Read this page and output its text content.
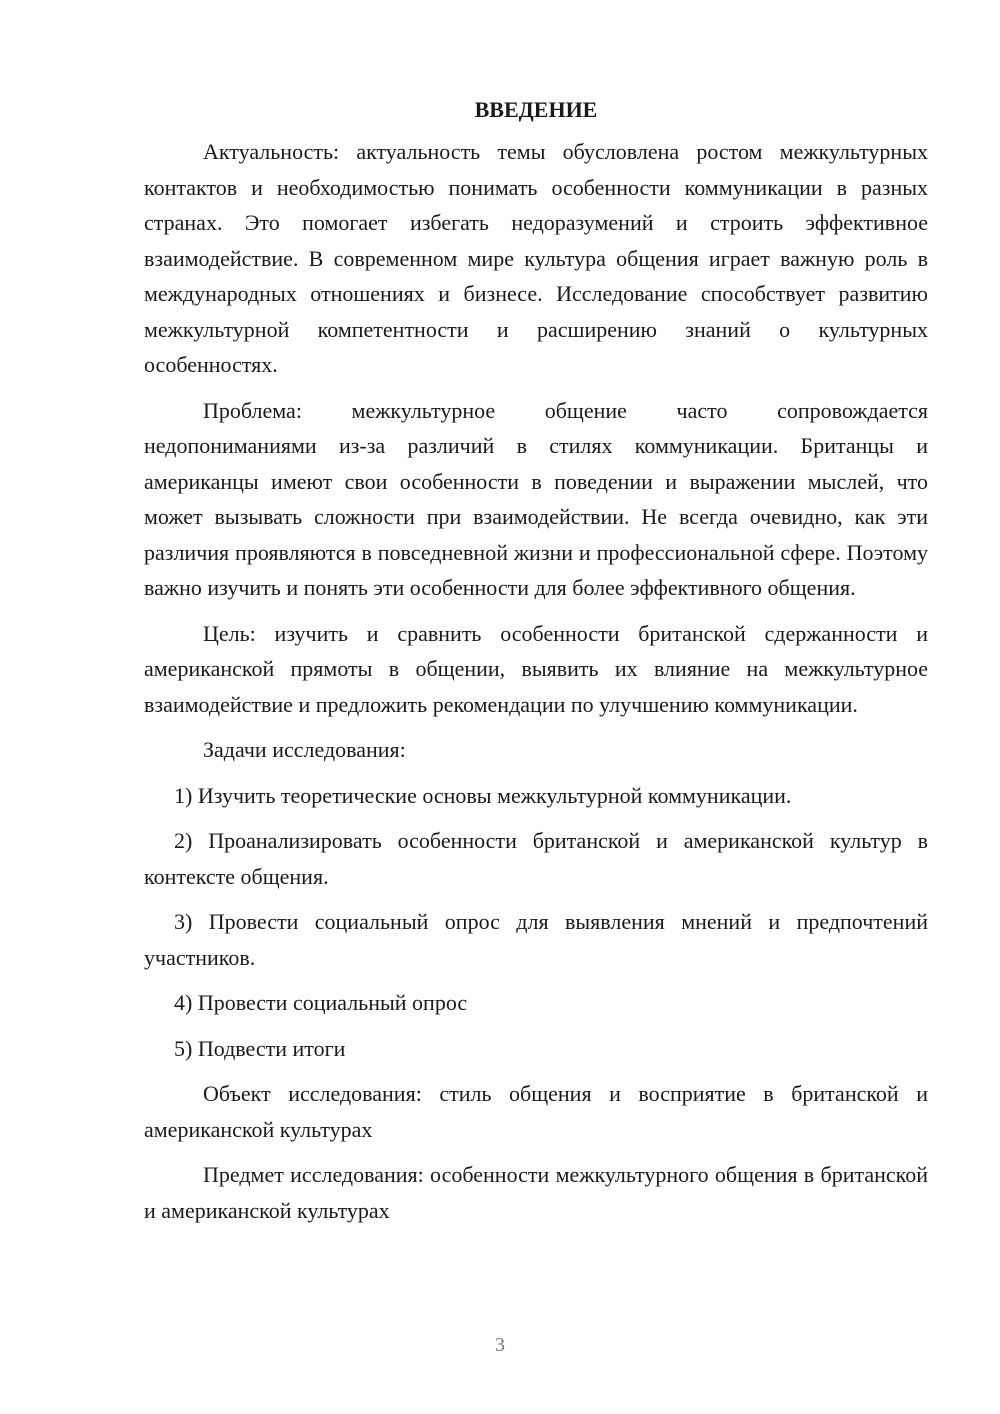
ВВЕДЕНИЕ

Актуальность: актуальность темы обусловлена ростом межкультурных контактов и необходимостью понимать особенности коммуникации в разных странах. Это помогает избегать недоразумений и строить эффективное взаимодействие. В современном мире культура общения играет важную роль в международных отношениях и бизнесе. Исследование способствует развитию межкультурной компетентности и расширению знаний о культурных особенностях.

Проблема: межкультурное общение часто сопровождается недопониманиями из-за различий в стилях коммуникации. Британцы и американцы имеют свои особенности в поведении и выражении мыслей, что может вызывать сложности при взаимодействии. Не всегда очевидно, как эти различия проявляются в повседневной жизни и профессиональной сфере. Поэтому важно изучить и понять эти особенности для более эффективного общения.

Цель: изучить и сравнить особенности британской сдержанности и американской прямоты в общении, выявить их влияние на межкультурное взаимодействие и предложить рекомендации по улучшению коммуникации.

Задачи исследования:

1) Изучить теоретические основы межкультурной коммуникации.

2) Проанализировать особенности британской и американской культур в контексте общения.

3) Провести социальный опрос для выявления мнений и предпочтений участников.

4) Провести социальный опрос

5) Подвести итоги

Объект исследования: стиль общения и восприятие в британской и американской культурах

Предмет исследования: особенности межкультурного общения в британской и американской культурах

3
